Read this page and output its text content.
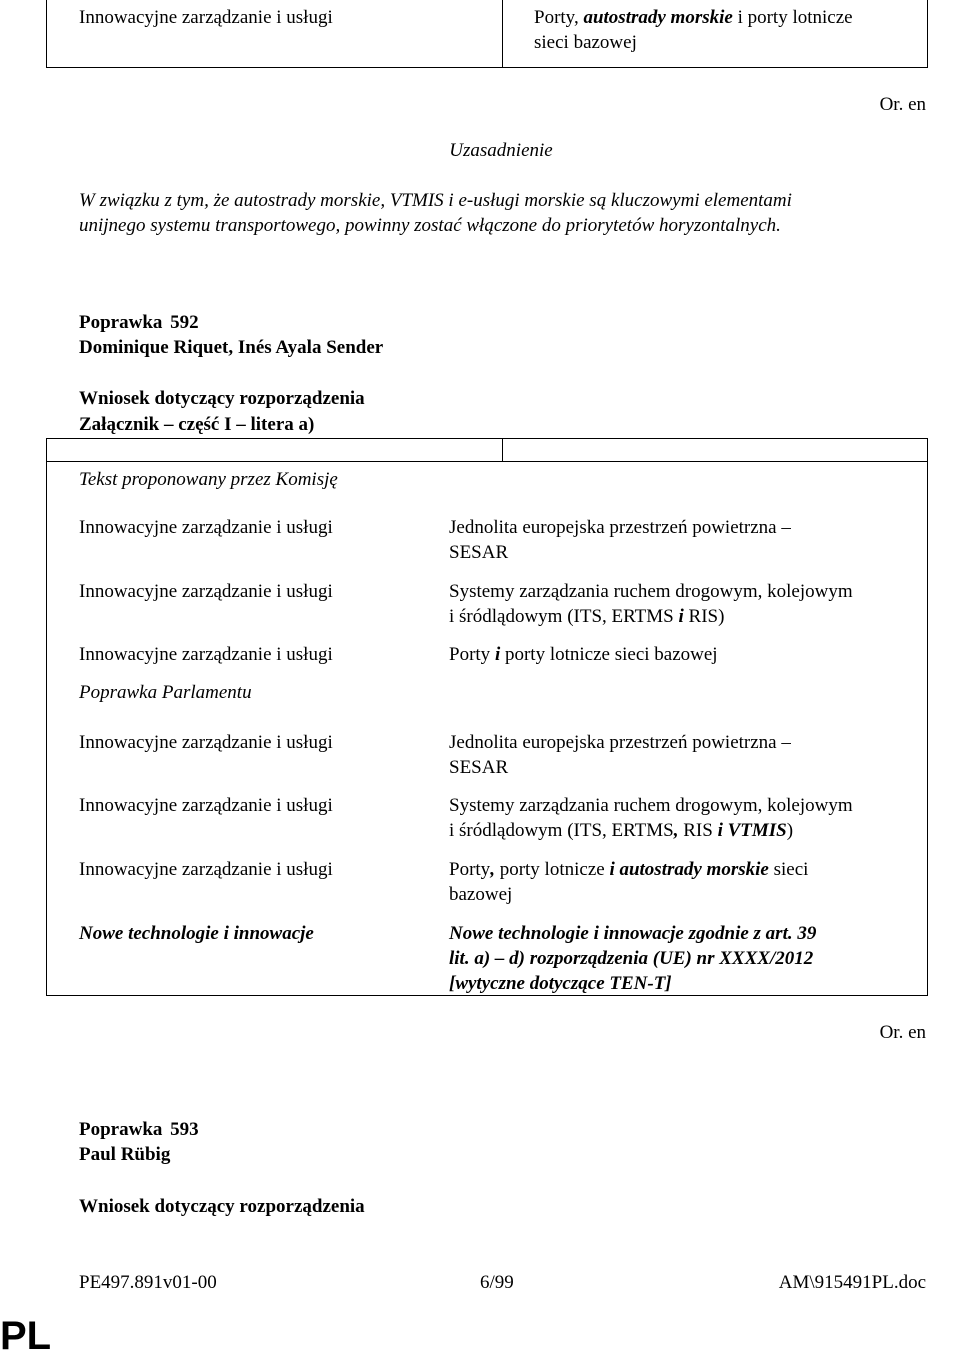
Innowacyjne zarządzanie i usługi	Porty, autostrady morskie i porty lotnicze
sieci bazowej
Or. en
Uzasadnienie
W związku z tym, że autostrady morskie, VTMIS i e-usługi morskie są kluczowymi elementami
unijnego systemu transportowego, powinny zostać włączone do priorytetów horyzontalnych.
Poprawka 592
Dominique Riquet, Inés Ayala Sender
Wniosek dotyczący rozporządzenia
Załącznik – część I – litera a)
Tekst proponowany przez Komisję
Innowacyjne zarządzanie i usługi	Jednolita europejska przestrzeń powietrzna –
SESAR
Innowacyjne zarządzanie i usługi	Systemy zarządzania ruchem drogowym, kolejowym
i śródlądowym (ITS, ERTMS i RIS)
Innowacyjne zarządzanie i usługi	Porty i porty lotnicze sieci bazowej
Poprawka Parlamentu
Innowacyjne zarządzanie i usługi	Jednolita europejska przestrzeń powietrzna –
SESAR
Innowacyjne zarządzanie i usługi	Systemy zarządzania ruchem drogowym, kolejowym
i śródlądowym (ITS, ERTMS, RIS i VTMIS)
Innowacyjne zarządzanie i usługi	Porty, porty lotnicze i autostrady morskie sieci
bazowej
Nowe technologie i innowacje	Nowe technologie i innowacje zgodnie z art. 39
lit. a) – d) rozporządzenia (UE) nr XXXX/2012
[wytyczne dotyczące TEN-T]
Or. en
Poprawka 593
Paul Rübig
Wniosek dotyczący rozporządzenia
PE497.891v01-00	6/99	AM\915491PL.doc
PL
